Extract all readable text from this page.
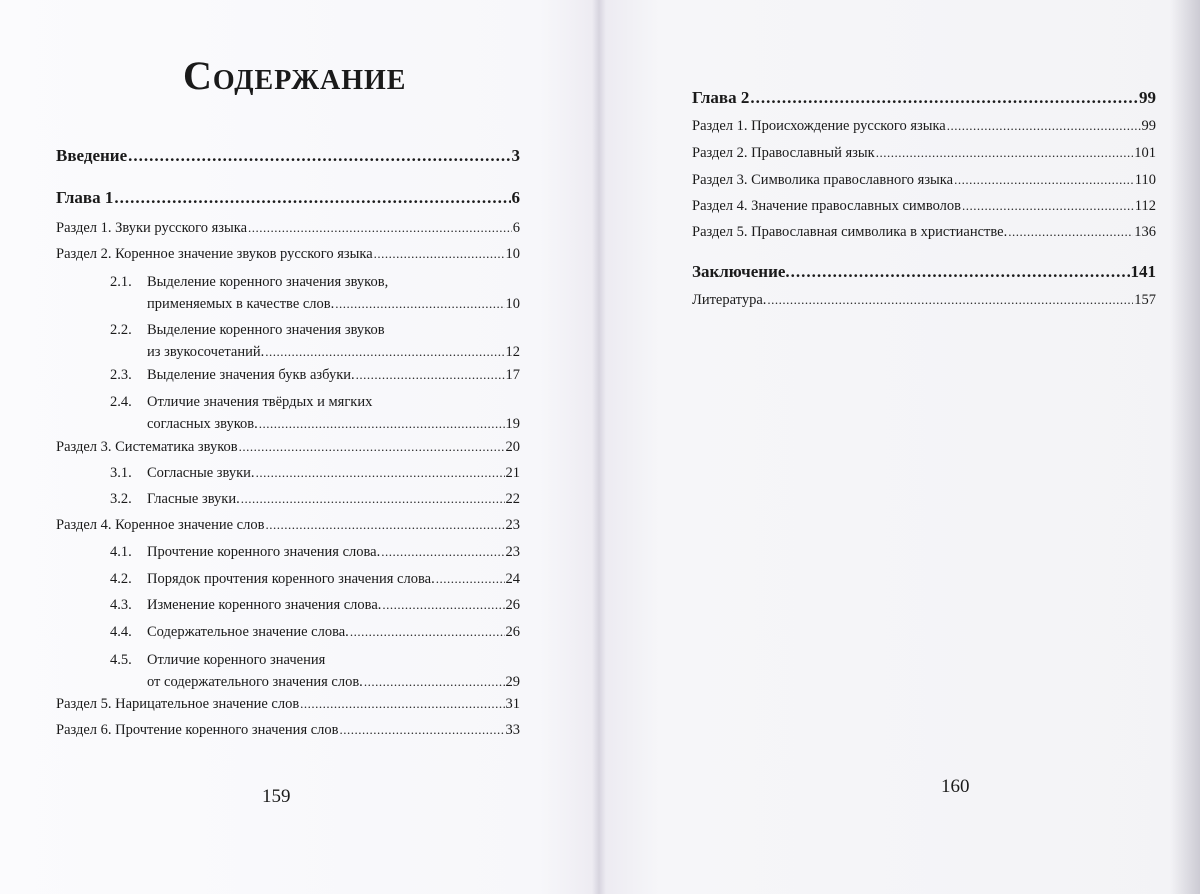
Содержание
Введение .....	3
Глава 1 .....	6
Раздел 1. Звуки русского языка .....	6
Раздел 2. Коренное значение звуков русского языка .....	10
2.1. Выделение коренного значения звуков,
применяемых в качестве слов. .....	10
2.2. Выделение коренного значения звуков
из звукосочетаний. .....	12
2.3.	Выделение значения букв азбуки. .....	17
2.4. Отличие значения твёрдых и мягких
согласных звуков. .....	19
Раздел 3. Систематика звуков .....	20
3.1.	Согласные звуки. .....	21
3.2.	Гласные звуки. .....	22
Раздел 4. Коренное значение слов .....	23
4.1.	Прочтение коренного значения слова. .....	23
4.2.	Порядок прочтения коренного значения слова. .....	24
4.3.	Изменение коренного значения слова. .....	26
4.4.	Содержательное значение слова. .....	26
4.5. Отличие коренного значения
от содержательного значения слов. .....	29
Раздел 5. Нарицательное значение слов .....	31
Раздел 6. Прочтение коренного значения слов .....	33
159
Глава 2 .....	99
Раздел 1. Происхождение русского языка .....	99
Раздел 2. Православный язык .....	101
Раздел 3. Символика православного языка .....	110
Раздел 4. Значение православных символов .....	112
Раздел 5. Православная символика в христианстве. .....	136
Заключение. .....	141
Литература. .....	157
160
